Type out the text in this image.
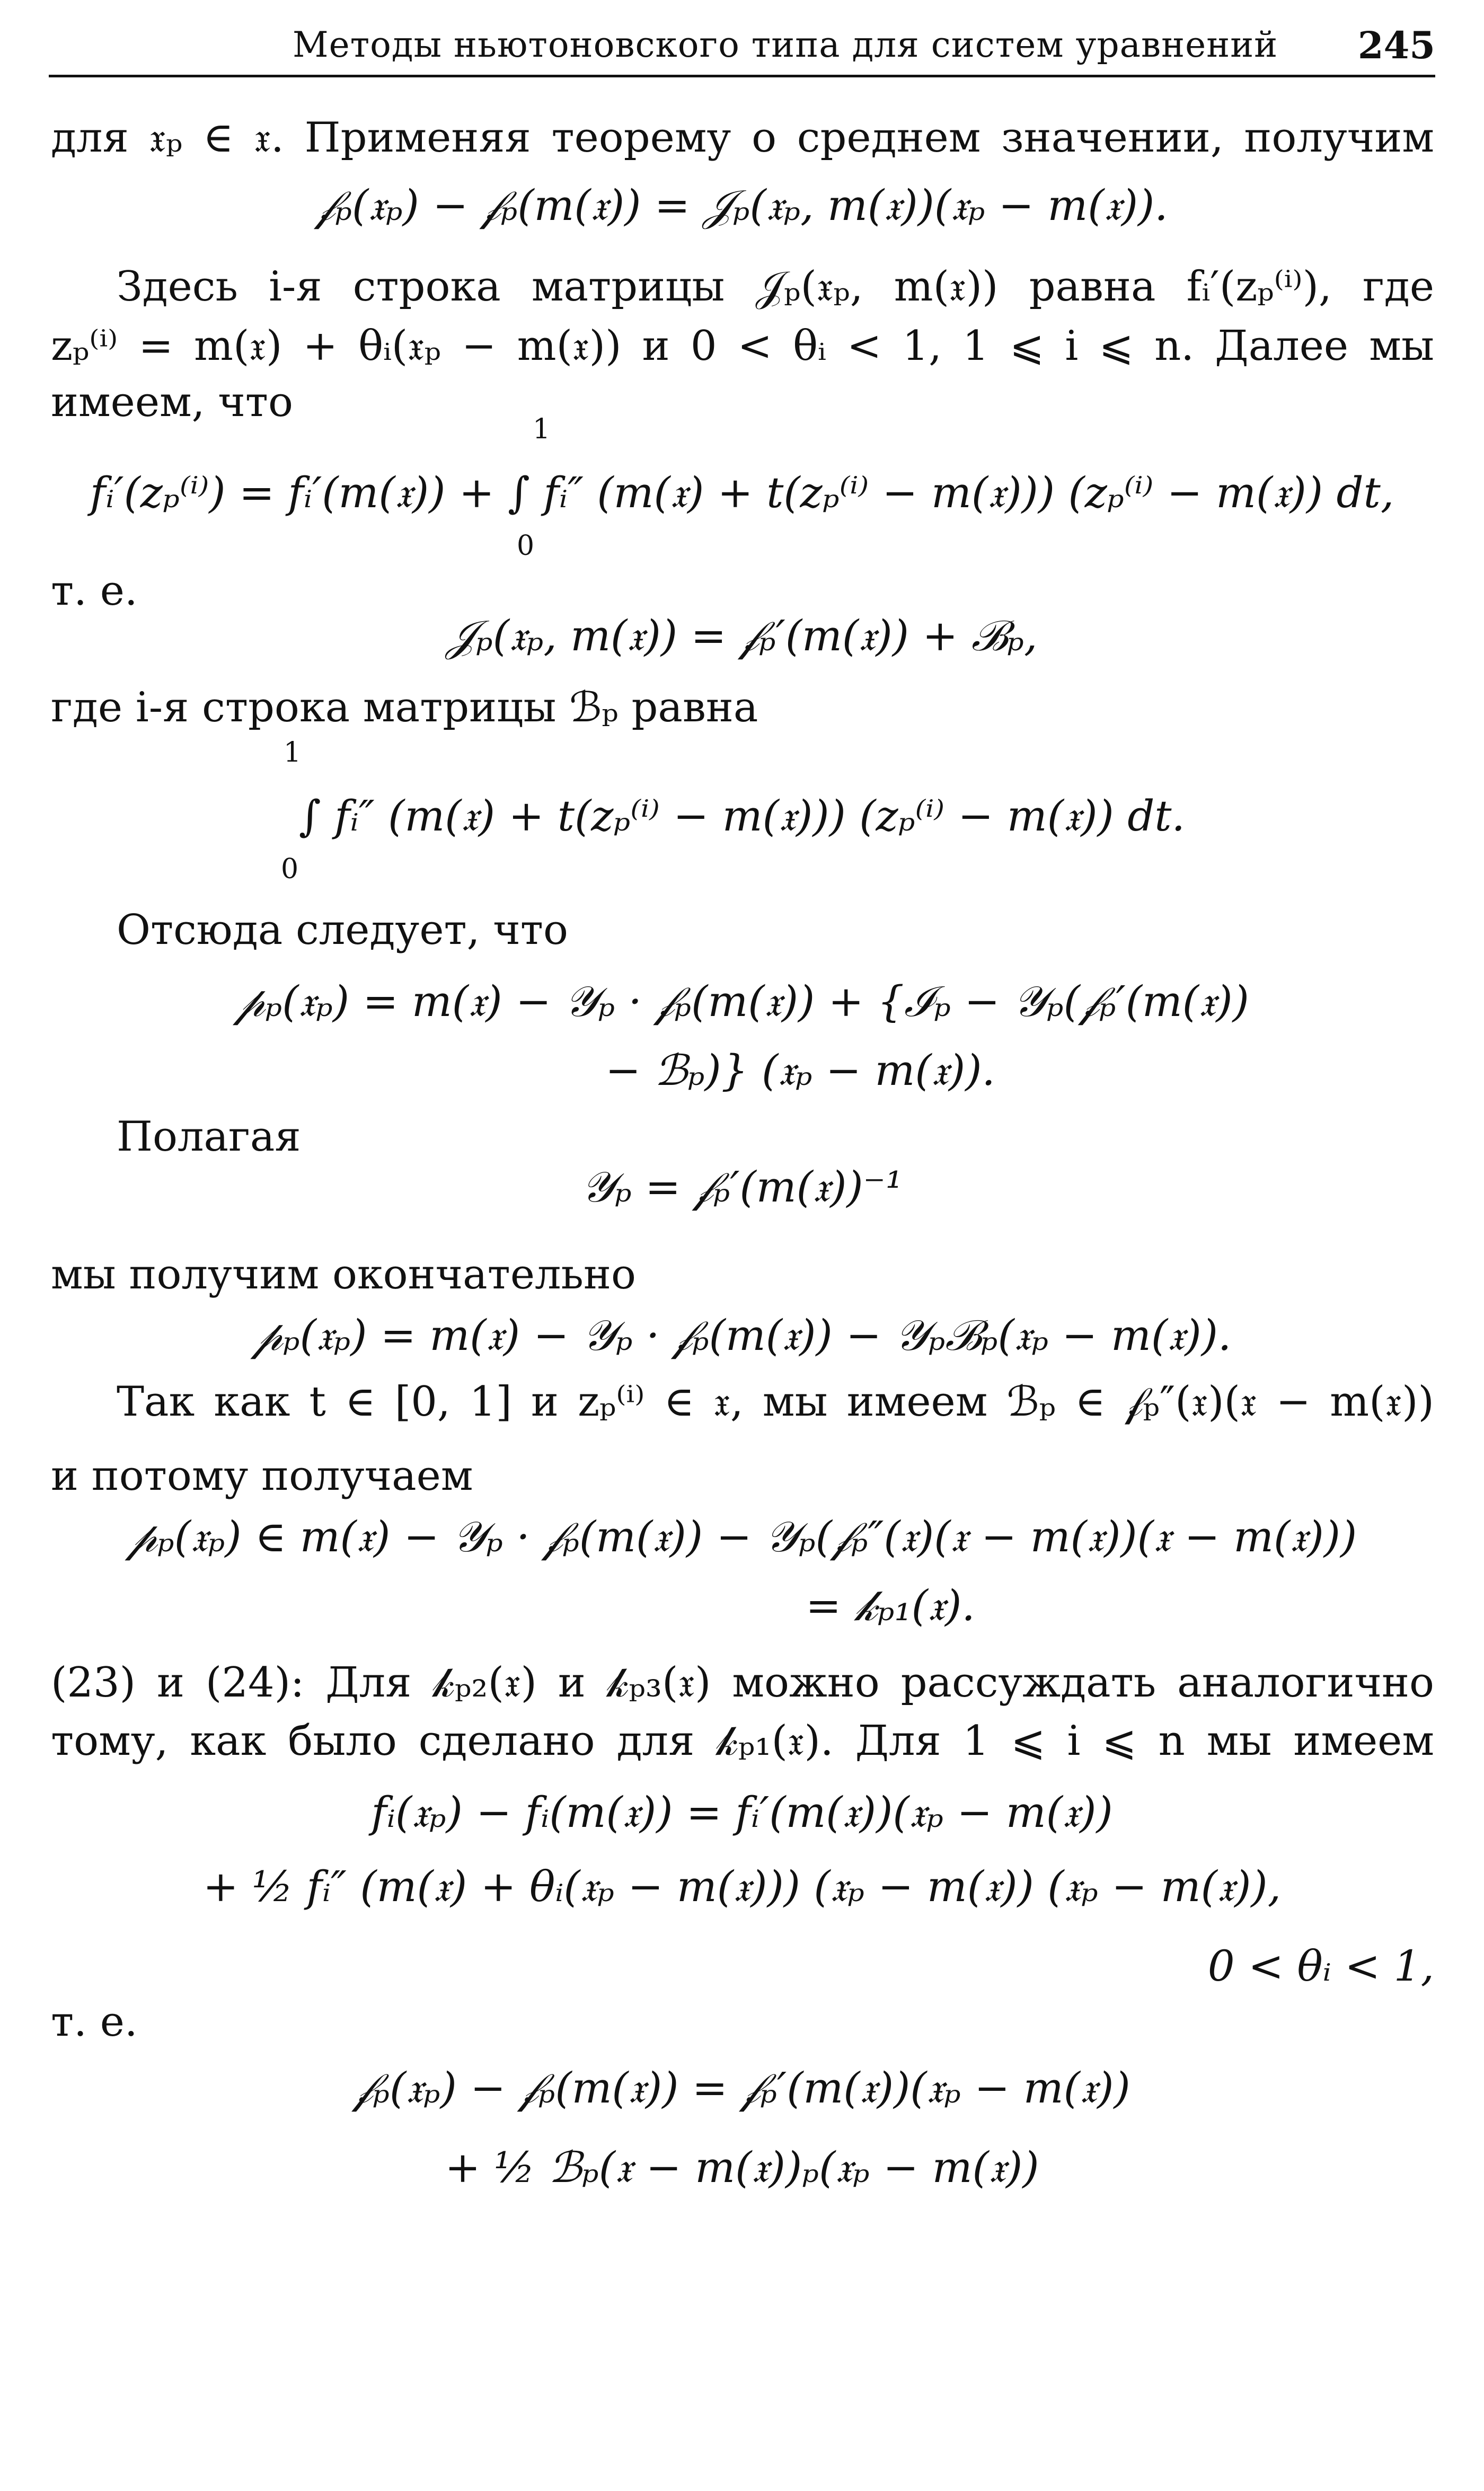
Методы ньютоновского типа для систем уравнений 245
для 𝔵ₚ ∈ 𝔵. Применяя теорему о среднем значении, получим
𝒻ₚ(𝔵ₚ) − 𝒻ₚ(m(𝔵)) = 𝒥ₚ(𝔵ₚ, m(𝔵))(𝔵ₚ − m(𝔵)).
Здесь i-я строка матрицы 𝒥ₚ(𝔵ₚ, m(𝔵)) равна fᵢ′(zₚ⁽ⁱ⁾), где
zₚ⁽ⁱ⁾ = m(𝔵) + θᵢ(𝔵ₚ − m(𝔵)) и 0 < θᵢ < 1, 1 ⩽ i ⩽ n. Далее мы
имеем, что
1
fᵢ′(zₚ⁽ⁱ⁾) = fᵢ′(m(𝔵)) + ∫ fᵢ″ (m(𝔵) + t(zₚ⁽ⁱ⁾ − m(𝔵))) (zₚ⁽ⁱ⁾ − m(𝔵)) dt,
0
т. е.
𝒥ₚ(𝔵ₚ, m(𝔵)) = 𝒻ₚ′(m(𝔵)) + ℬₚ,
где i-я строка матрицы ℬₚ равна
1
∫ fᵢ″ (m(𝔵) + t(zₚ⁽ⁱ⁾ − m(𝔵))) (zₚ⁽ⁱ⁾ − m(𝔵)) dt.
0
Отсюда следует, что
𝓅ₚ(𝔵ₚ) = m(𝔵) − 𝒴ₚ · 𝒻ₚ(m(𝔵)) + {ℐₚ − 𝒴ₚ(𝒻ₚ′(m(𝔵))
− ℬₚ)} (𝔵ₚ − m(𝔵)).
Полагая
𝒴ₚ = 𝒻ₚ′(m(𝔵))⁻¹
мы получим окончательно
𝓅ₚ(𝔵ₚ) = m(𝔵) − 𝒴ₚ · 𝒻ₚ(m(𝔵)) − 𝒴ₚℬₚ(𝔵ₚ − m(𝔵)).
Так как t ∈ [0, 1] и zₚ⁽ⁱ⁾ ∈ 𝔵, мы имеем ℬₚ ∈ 𝒻ₚ″(𝔵)(𝔵 − m(𝔵))
и потому получаем
𝓅ₚ(𝔵ₚ) ∈ m(𝔵) − 𝒴ₚ · 𝒻ₚ(m(𝔵)) − 𝒴ₚ(𝒻ₚ″(𝔵)(𝔵 − m(𝔵))(𝔵 − m(𝔵)))
= 𝓀ₚ₁(𝔵).
(23) и (24): Для 𝓀ₚ₂(𝔵) и 𝓀ₚ₃(𝔵) можно рассуждать аналогично
тому, как было сделано для 𝓀ₚ₁(𝔵). Для 1 ⩽ i ⩽ n мы имеем
fᵢ(𝔵ₚ) − fᵢ(m(𝔵)) = fᵢ′(m(𝔵))(𝔵ₚ − m(𝔵))
+ ½ fᵢ″ (m(𝔵) + θᵢ(𝔵ₚ − m(𝔵))) (𝔵ₚ − m(𝔵)) (𝔵ₚ − m(𝔵)),
0 < θᵢ < 1,
т. е.
𝒻ₚ(𝔵ₚ) − 𝒻ₚ(m(𝔵)) = 𝒻ₚ′(m(𝔵))(𝔵ₚ − m(𝔵))
+ ½ ℬₚ(𝔵 − m(𝔵))ₚ(𝔵ₚ − m(𝔵))
